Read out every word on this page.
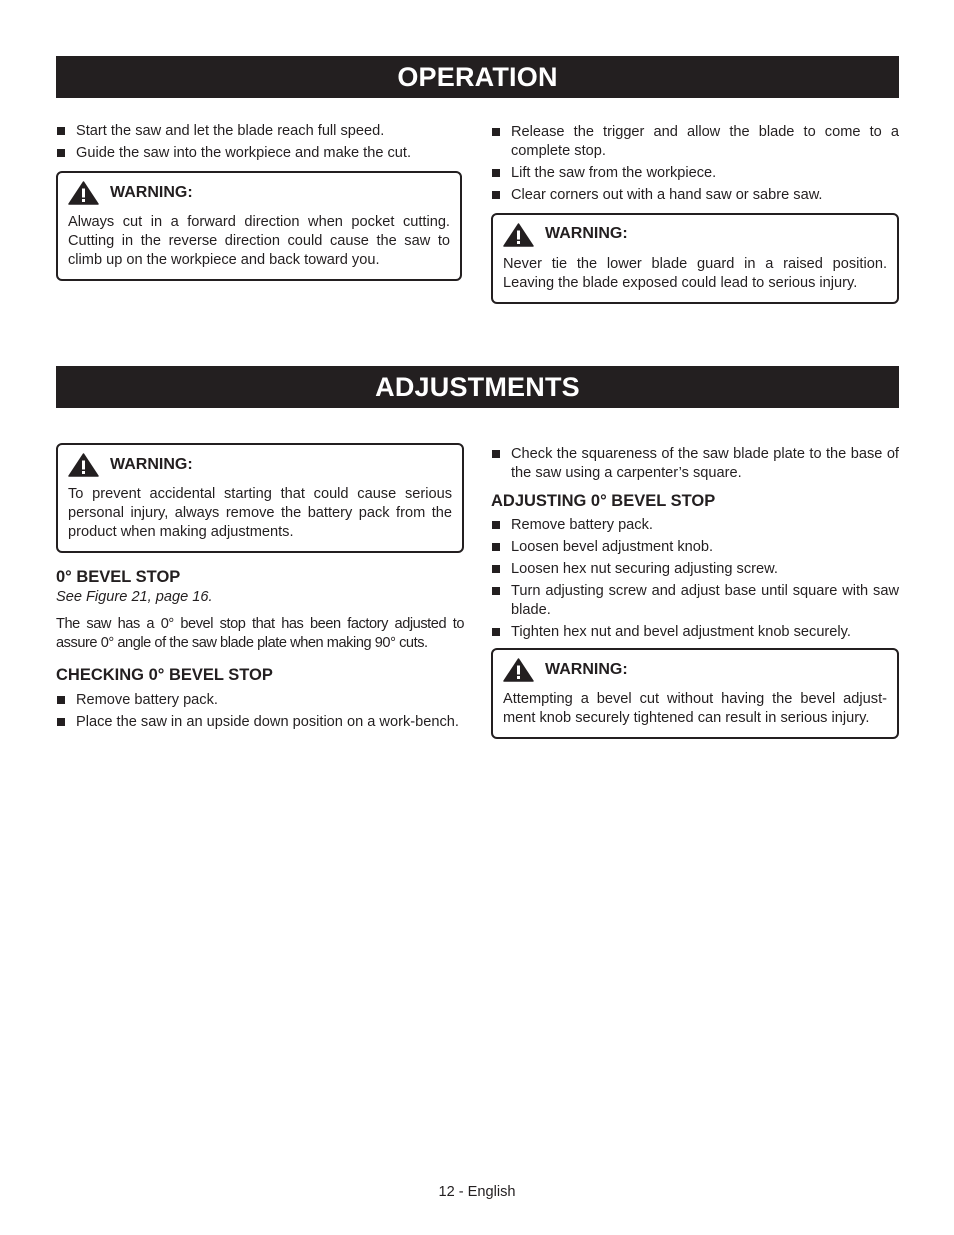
OPERATION
Start the saw and let the blade reach full speed.
Guide the saw into the workpiece and make the cut.
WARNING:
Always cut in a forward direction when pocket cutting. Cutting in the reverse direction could cause the saw to climb up on the workpiece and back toward you.
Release the trigger and allow the blade to come to a complete stop.
Lift the saw from the workpiece.
Clear corners out with a hand saw or sabre saw.
WARNING:
Never tie the lower blade guard in a raised position. Leaving the blade exposed could lead to serious injury.
ADJUSTMENTS
WARNING:
To prevent accidental starting that could cause serious personal injury, always remove the battery pack from the product when making adjustments.
0° BEVEL STOP
See Figure 21, page 16.
The saw has a 0° bevel stop that has been factory adjusted to assure 0° angle of the saw blade plate when making 90° cuts.
CHECKING 0° BEVEL STOP
Remove battery pack.
Place the saw in an upside down position on a work-bench.
Check the squareness of the saw blade plate to the base of the saw using a carpenter’s square.
ADJUSTING 0° BEVEL STOP
Remove battery pack.
Loosen bevel adjustment knob.
Loosen hex nut securing adjusting screw.
Turn adjusting screw and adjust base until square with saw blade.
Tighten hex nut and bevel adjustment knob securely.
WARNING:
Attempting a bevel cut without having the bevel adjust-ment knob securely tightened can result in serious injury.
12 - English
